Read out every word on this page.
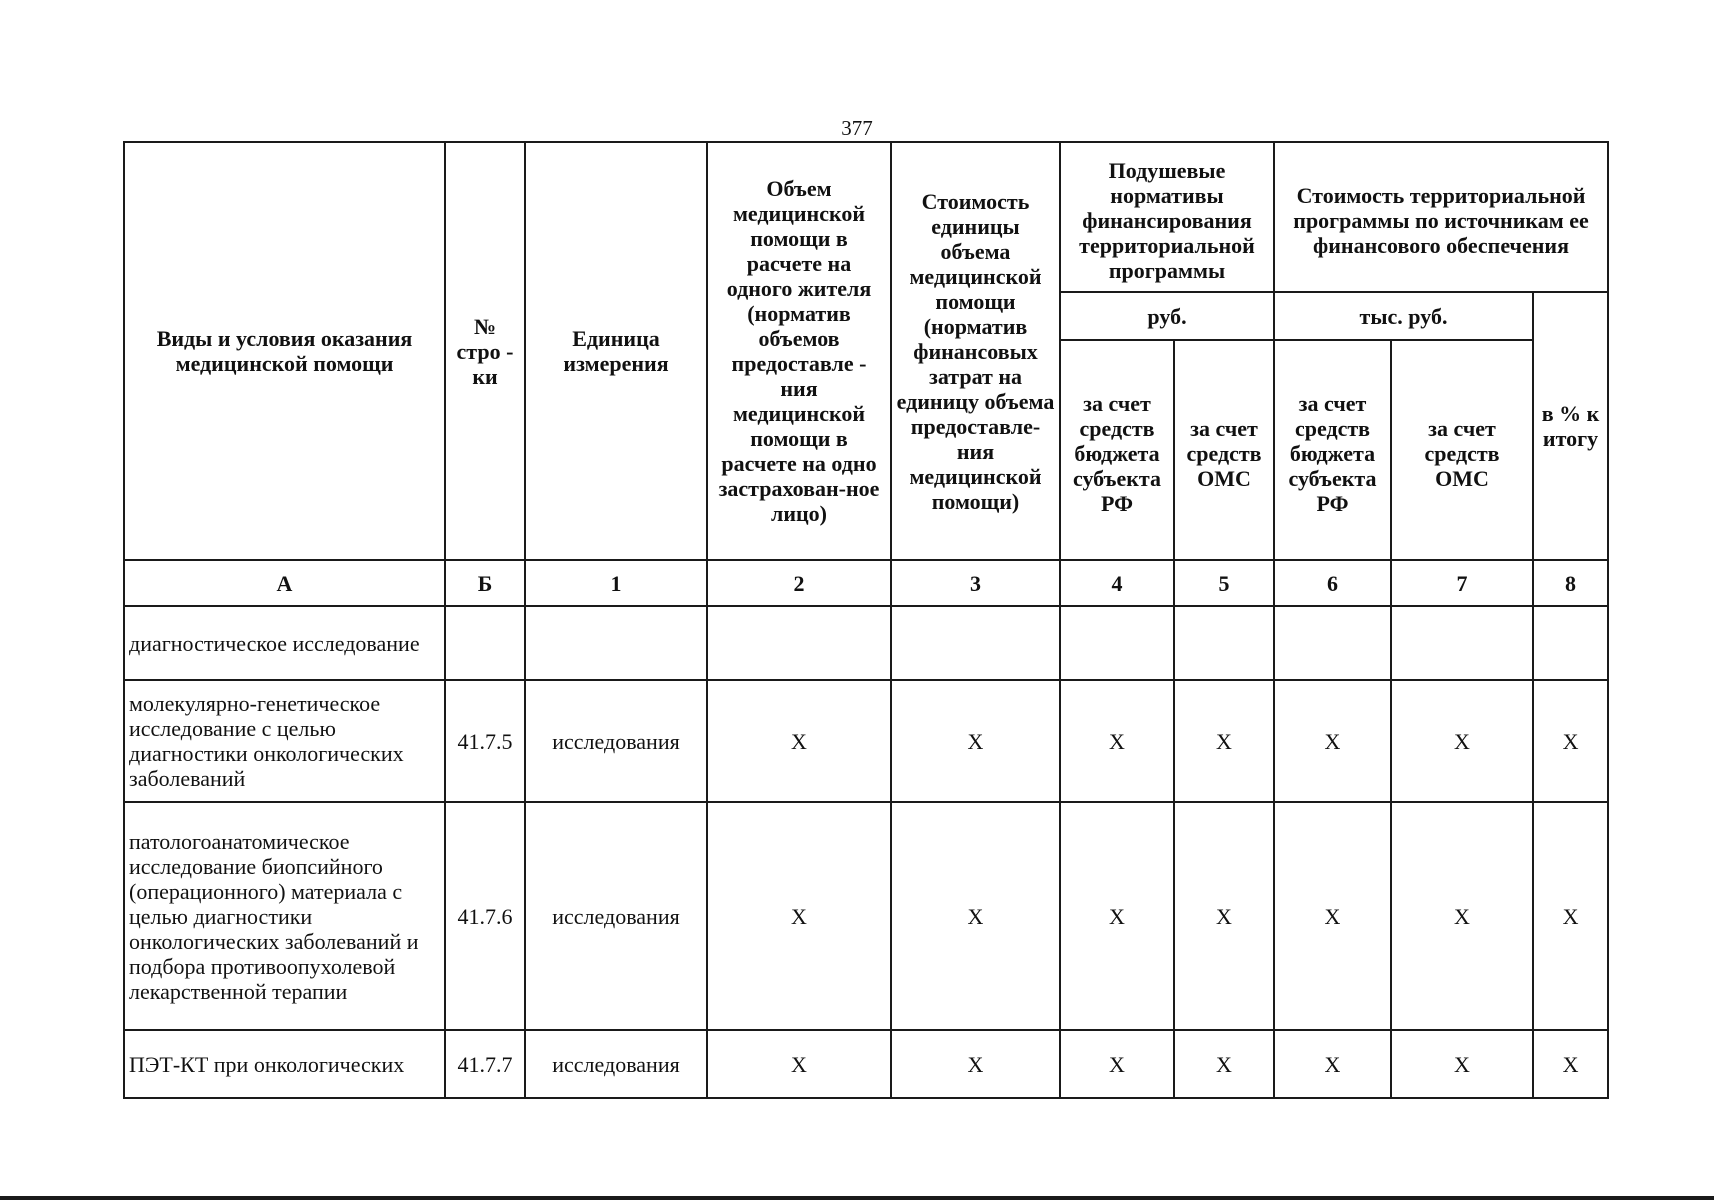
377
Виды и условия оказания медицинской помощи	№ стро - ки	Единица измерения	Объем медицинской помощи в расчете на одного жителя (норматив объемов предоставле - ния медицинской помощи в расчете на одно застрахован-ное лицо)	Стоимость единицы объема медицинской помощи (норматив финансовых затрат на единицу объема предоставле-ния медицинской помощи)	Подушевые нормативы финансирования территориальной программы		Стоимость территориальной программы по источникам ее финансового обеспечения		
					руб.		тыс. руб.		в % к итогу
					за счет средств бюджета субъекта РФ	за счет средств ОМС	за счет средств бюджета субъекта РФ	за счет средств ОМС	
А	Б	1	2	3	4	5	6	7	8
диагностическое исследование									
молекулярно-генетическое исследование с целью диагностики онкологических заболеваний	41.7.5	исследования	Х	Х	Х	Х	Х	Х	Х
патологоанатомическое исследование биопсийного (операционного) материала с целью диагностики онкологических заболеваний и подбора противоопухолевой лекарственной терапии	41.7.6	исследования	Х	Х	Х	Х	Х	Х	Х
ПЭТ-КТ при онкологических	41.7.7	исследования	Х	Х	Х	Х	Х	Х	Х
